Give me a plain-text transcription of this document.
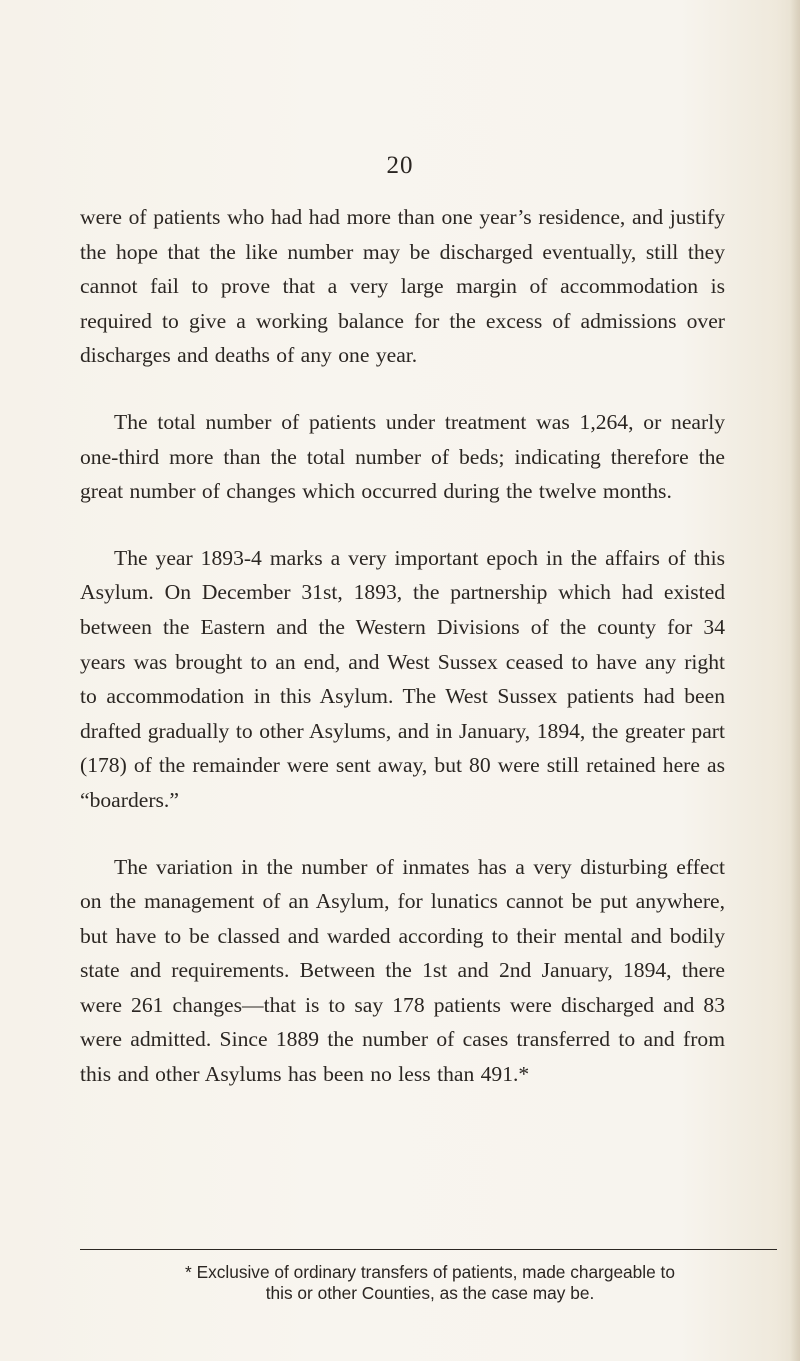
20

were of patients who had had more than one year’s residence, and justify the hope that the like number may be discharged eventually, still they cannot fail to prove that a very large margin of accommodation is required to give a working balance for the excess of admissions over discharges and deaths of any one year.

The total number of patients under treatment was 1,264, or nearly one-third more than the total number of beds; indicating therefore the great number of changes which occurred during the twelve months.

The year 1893-4 marks a very important epoch in the affairs of this Asylum. On December 31st, 1893, the partnership which had existed between the Eastern and the Western Divisions of the county for 34 years was brought to an end, and West Sussex ceased to have any right to accommodation in this Asylum. The West Sussex patients had been drafted gradually to other Asylums, and in January, 1894, the greater part (178) of the remainder were sent away, but 80 were still retained here as “boarders.”

The variation in the number of inmates has a very disturbing effect on the management of an Asylum, for lunatics cannot be put anywhere, but have to be classed and warded according to their mental and bodily state and requirements. Between the 1st and 2nd January, 1894, there were 261 changes—that is to say 178 patients were discharged and 83 were admitted. Since 1889 the number of cases transferred to and from this and other Asylums has been no less than 491.*

* Exclusive of ordinary transfers of patients, made chargeable to
this or other Counties, as the case may be.
